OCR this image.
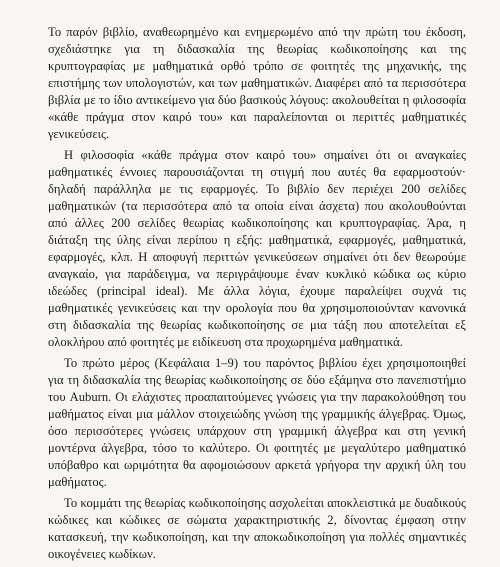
Το παρόν βιβλίο, αναθεωρημένο και ενημερωμένο από την πρώτη του έκδοση, σχεδιάστηκε για τη διδασκαλία της θεωρίας κωδικοποίησης και της κρυπτογραφίας με μαθηματικά ορθό τρόπο σε φοιτητές της μηχανικής, της επιστήμης των υπολογιστών, και των μαθηματικών. Διαφέρει από τα περισσότερα βιβλία με το ίδιο αντικείμενο για δύο βασικούς λόγους: ακολουθείται η φιλοσοφία «κάθε πράγμα στον καιρό του» και παραλείπονται οι περιττές μαθηματικές γενικεύσεις.

Η φιλοσοφία «κάθε πράγμα στον καιρό του» σημαίνει ότι οι αναγκαίες μαθηματικές έννοιες παρουσιάζονται τη στιγμή που αυτές θα εφαρμοστούν· δηλαδή παράλληλα με τις εφαρμογές. Το βιβλίο δεν περιέχει 200 σελίδες μαθηματικών (τα περισσότερα από τα οποία είναι άσχετα) που ακολουθούνται από άλλες 200 σελίδες θεωρίας κωδικοποίησης και κρυπτογραφίας. Άρα, η διάταξη της ύλης είναι περίπου η εξής: μαθηματικά, εφαρμογές, μαθηματικά, εφαρμογές, κλπ. Η αποφυγή περιττών γενικεύσεων σημαίνει ότι δεν θεωρούμε αναγκαίο, για παράδειγμα, να περιγράψουμε έναν κυκλικό κώδικα ως κύριο ιδεώδες (principal ideal). Με άλλα λόγια, έχουμε παραλείψει συχνά τις μαθηματικές γενικεύσεις και την ορολογία που θα χρησιμοποιούνταν κανονικά στη διδασκαλία της θεωρίας κωδικοποίησης σε μια τάξη που αποτελείται εξ ολοκλήρου από φοιτητές με ειδίκευση στα προχωρημένα μαθηματικά.

Το πρώτο μέρος (Κεφάλαια 1–9) του παρόντος βιβλίου έχει χρησιμοποιηθεί για τη διδασκαλία της θεωρίας κωδικοποίησης σε δύο εξάμηνα στο πανεπιστήμιο του Auburn. Οι ελάχιστες προαπαιτούμενες γνώσεις για την παρακολούθηση του μαθήματος είναι μια μάλλον στοιχειώδης γνώση της γραμμικής άλγεβρας. Όμως, όσο περισσότερες γνώσεις υπάρχουν στη γραμμική άλγεβρα και στη γενική μοντέρνα άλγεβρα, τόσο το καλύτερο. Οι φοιτητές με μεγαλύτερο μαθηματικό υπόβαθρο και ωριμότητα θα αφομοιώσουν αρκετά γρήγορα την αρχική ύλη του μαθήματος.

Το κομμάτι της θεωρίας κωδικοποίησης ασχολείται αποκλειστικά με δυαδικούς κώδικες και κώδικες σε σώματα χαρακτηριστικής 2, δίνοντας έμφαση στην κατασκευή, την κωδικοποίηση, και την αποκωδικοποίηση για πολλές σημαντικές οικογένειες κωδίκων.
